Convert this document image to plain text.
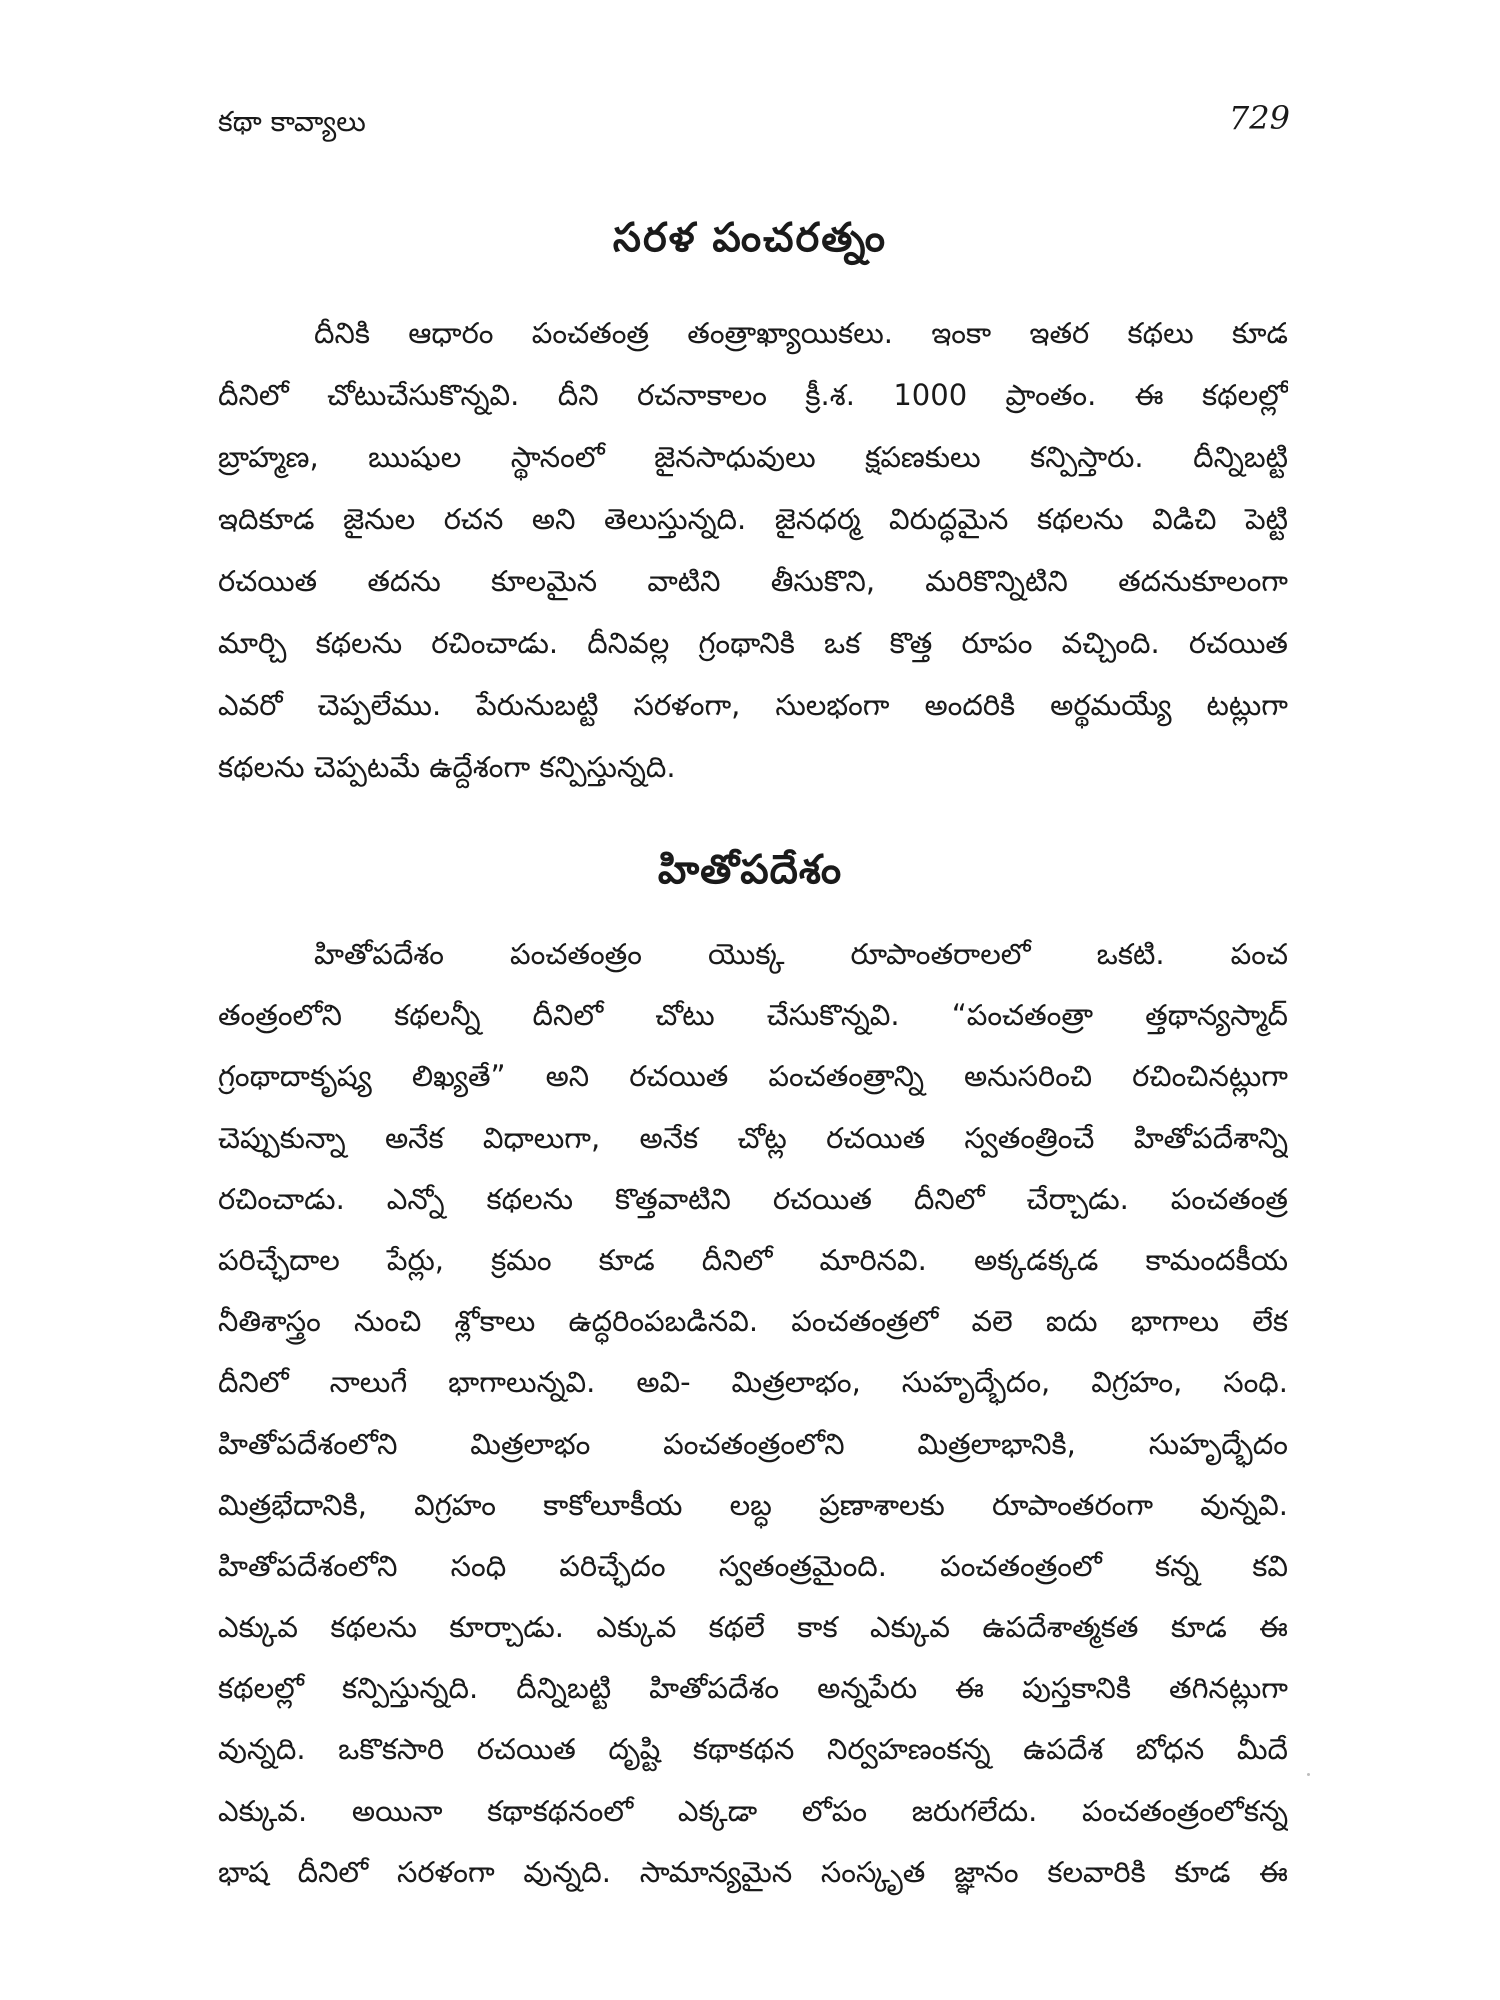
కథా కావ్యాలు	729
సరళ పంచరత్నం
దీనికి ఆధారం పంచతంత్ర తంత్రాఖ్యాయికలు. ఇంకా ఇతర కథలు కూడ
దీనిలో చోటుచేసుకొన్నవి. దీని రచనాకాలం క్రీ.శ. 1000 ప్రాంతం. ఈ కథలల్లో
బ్రాహ్మణ, ఋషుల స్థానంలో జైనసాధువులు క్షపణకులు కన్పిస్తారు. దీన్నిబట్టి
ఇదికూడ జైనుల రచన అని తెలుస్తున్నది. జైనధర్మ విరుద్ధమైన కథలను విడిచి పెట్టి
రచయిత తదను కూలమైన వాటిని తీసుకొని, మరికొన్నిటిని తదనుకూలంగా
మార్చి కథలను రచించాడు. దీనివల్ల గ్రంథానికి ఒక కొత్త రూపం వచ్చింది. రచయిత
ఎవరో చెప్పలేము. పేరునుబట్టి సరళంగా, సులభంగా అందరికి అర్థమయ్యే టట్లుగా
కథలను చెప్పటమే ఉద్దేశంగా కన్పిస్తున్నది.
హితోపదేశం
హితోపదేశం పంచతంత్రం యొక్క రూపాంతరాలలో ఒకటి. పంచ
తంత్రంలోని కథలన్నీ దీనిలో చోటు చేసుకొన్నవి. “పంచతంత్రా త్తథాన్యస్మాద్
గ్రంథాదాకృష్య లిఖ్యతే” అని రచయిత పంచతంత్రాన్ని అనుసరించి రచించినట్లుగా
చెప్పుకున్నా అనేక విధాలుగా, అనేక చోట్ల రచయిత స్వతంత్రించే హితోపదేశాన్ని
రచించాడు. ఎన్నో కథలను కొత్తవాటిని రచయిత దీనిలో చేర్చాడు. పంచతంత్ర
పరిచ్ఛేదాల పేర్లు, క్రమం కూడ దీనిలో మారినవి. అక్కడక్కడ కామందకీయ
నీతిశాస్త్రం నుంచి శ్లోకాలు ఉద్ధరింపబడినవి. పంచతంత్రలో వలె ఐదు భాగాలు లేక
దీనిలో నాలుగే భాగాలున్నవి. అవి- మిత్రలాభం, సుహృద్భేదం, విగ్రహం, సంధి.
హితోపదేశంలోని మిత్రలాభం పంచతంత్రంలోని మిత్రలాభానికి, సుహృద్భేదం
మిత్రభేదానికి, విగ్రహం కాకోలూకీయ లబ్ధ ప్రణాశాలకు రూపాంతరంగా వున్నవి.
హితోపదేశంలోని సంధి పరిచ్ఛేదం స్వతంత్రమైంది. పంచతంత్రంలో కన్న కవి
ఎక్కువ కథలను కూర్చాడు. ఎక్కువ కథలే కాక ఎక్కువ ఉపదేశాత్మకత కూడ ఈ
కథలల్లో కన్పిస్తున్నది. దీన్నిబట్టి హితోపదేశం అన్నపేరు ఈ పుస్తకానికి తగినట్లుగా
వున్నది. ఒకొకసారి రచయిత దృష్టి కథాకథన నిర్వహణంకన్న ఉపదేశ బోధన మీదే
ఎక్కువ. అయినా కథాకథనంలో ఎక్కడా లోపం జరుగలేదు. పంచతంత్రంలోకన్న
భాష దీనిలో సరళంగా వున్నది. సామాన్యమైన సంస్కృత జ్ఞానం కలవారికి కూడ ఈ
